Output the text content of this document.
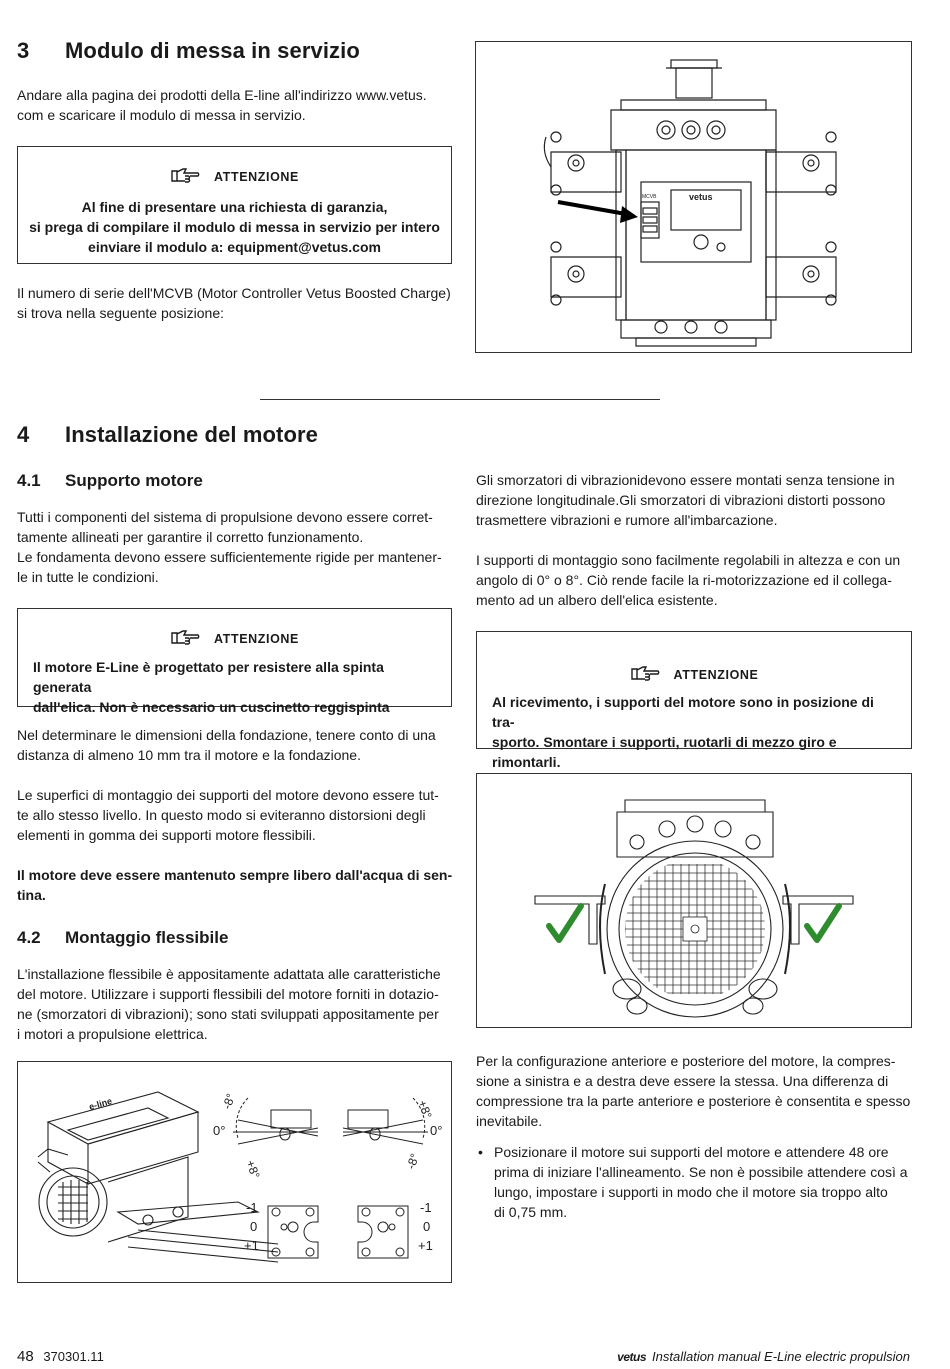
3 Modulo di messa in servizio
Andare alla pagina dei prodotti della E-line all'indirizzo www.vetus.
com e scaricare il modulo di messa in servizio.
ATTENZIONE
Al fine di presentare una richiesta di garanzia,
si prega di compilare il modulo di messa in servizio per intero
einviare il modulo a: equipment@vetus.com
Il numero di serie dell'MCVB (Motor Controller Vetus Boosted Charge)
si trova nella seguente posizione:
MCVB	vetus
4 Installazione del motore
4.1 Supporto motore
Tutti i componenti del sistema di propulsione devono essere corret-
tamente allineati per garantire il corretto funzionamento.
Le fondamenta devono essere sufficientemente rigide per mantener-
le in tutte le condizioni.
ATTENZIONE
Il motore E-Line è progettato per resistere alla spinta generata
dall'elica. Non è necessario un cuscinetto reggispinta
Nel determinare le dimensioni della fondazione, tenere conto di una
distanza di almeno 10 mm tra il motore e la fondazione.
Le superfici di montaggio dei supporti del motore devono essere tut-
te allo stesso livello. In questo modo si eviteranno distorsioni degli
elementi in gomma dei supporti motore flessibili.
Il motore deve essere mantenuto sempre libero dall'acqua di sen-
tina.
4.2 Montaggio flessibile
L'installazione flessibile è appositamente adattata alle caratteristiche
del motore. Utilizzare i supporti flessibili del motore forniti in dotazio-
ne (smorzatori di vibrazioni); sono stati sviluppati appositamente per
i motori a propulsione elettrica.
e-line	-8°
0°
+8°
+8°
0°
-8°
-1
0
+1
-1
0
+1
Gli smorzatori di vibrazionidevono essere montati senza tensione in
direzione longitudinale.Gli smorzatori di vibrazioni distorti possono
trasmettere vibrazioni e rumore all'imbarcazione.
I supporti di montaggio sono facilmente regolabili in altezza e con un
angolo di 0° o 8°. Ciò rende facile la ri-motorizzazione ed il collega-
mento ad un albero dell'elica esistente.
ATTENZIONE
Al ricevimento, i supporti del motore sono in posizione di tra-
sporto. Smontare i supporti, ruotarli di mezzo giro e rimontarli.
Per la configurazione anteriore e posteriore del motore, la compres-
sione a sinistra e a destra deve essere la stessa. Una differenza di
compressione tra la parte anteriore e posteriore è consentita e spesso
inevitabile.
• Posizionare il motore sui supporti del motore e attendere 48 ore
prima di iniziare l'allineamento. Se non è possibile attendere così a
lungo, impostare i supporti in modo che il motore sia troppo alto
di 0,75 mm.
48 370301.11	vetus Installation manual E-Line electric propulsion
